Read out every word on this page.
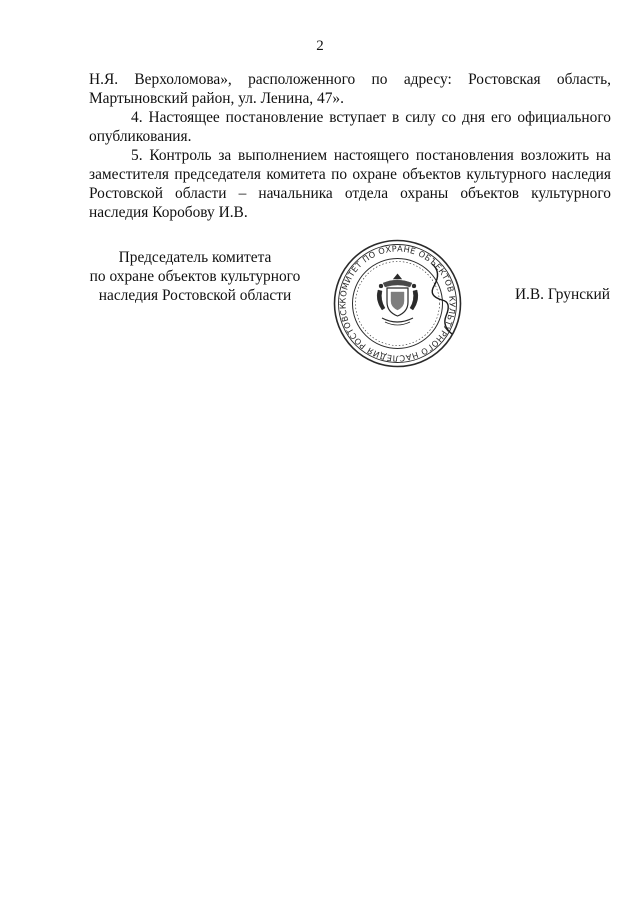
2

Н.Я. Верхоломова», расположенного по адресу: Ростовская область,
Мартыновский район, ул. Ленина, 47».

4. Настоящее постановление вступает в силу со дня его официального опубликования.

5. Контроль за выполнением настоящего постановления возложить на заместителя председателя комитета по охране объектов культурного наследия Ростовской области – начальника отдела охраны объектов культурного наследия Коробову И.В.

Председатель комитета
по охране объектов культурного
наследия Ростовской области	КОМИТЕТ ПО ОХРАНЕ ОБЪЕКТОВ КУЛЬТУРНОГО НАСЛЕДИЯ РОСТОВСК
И.В. Грунский
